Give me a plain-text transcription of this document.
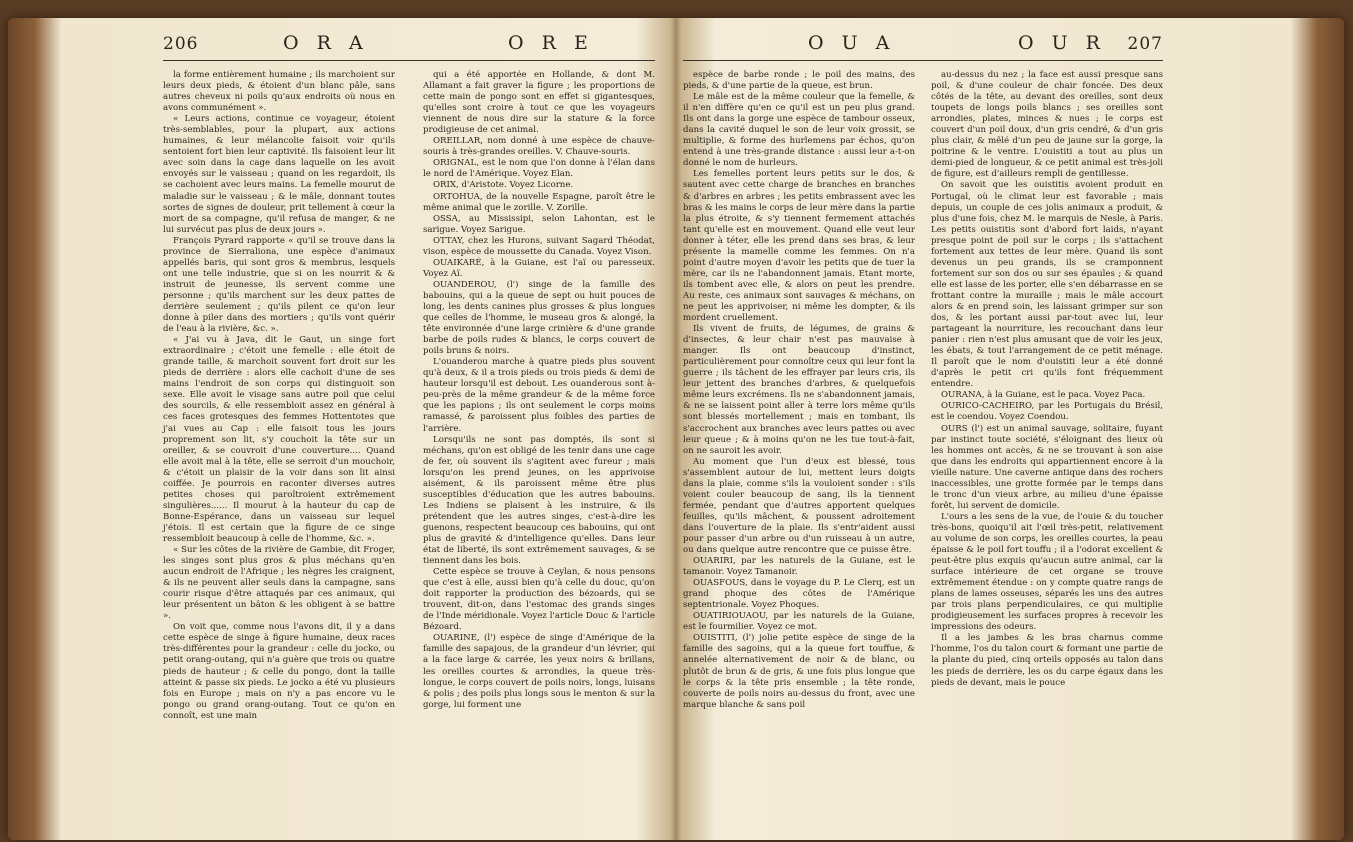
206	O R A	O R E

la forme entièrement humaine ; ils marchoient sur leurs deux pieds, & étoient d'un blanc pâle, sans autres cheveux ni poils qu'aux endroits où nous en avons communément ».

« Leurs actions, continue ce voyageur, étoient très-semblables, pour la plupart, aux actions humaines, & leur mélancolie faisoit voir qu'ils sentoient fort bien leur captivité. Ils faisoient leur lit avec soin dans la cage dans laquelle on les avoit envoyés sur le vaisseau ; quand on les regardoit, ils se cachoient avec leurs mains. La femelle mourut de maladie sur le vaisseau ; & le mâle, donnant toutes sortes de signes de douleur, prit tellement à cœur la mort de sa compagne, qu'il refusa de manger, & ne lui survécut pas plus de deux jours ».

François Pyrard rapporte « qu'il se trouve dans la province de Sierraliona, une espèce d'animaux appellés baris, qui sont gros & membrus, lesquels ont une telle industrie, que si on les nourrit & & instruit de jeunesse, ils servent comme une personne ; qu'ils marchent sur les deux pattes de derrière seulement ; qu'ils pilent ce qu'on leur donne à piler dans des mortiers ; qu'ils vont quérir de l'eau à la rivière, &c. ».

« J'ai vu à Java, dit le Gaut, un singe fort extraordinaire ; c'étoit une femelle : elle étoit de grande taille, & marchoit souvent fort droit sur les pieds de derrière : alors elle cachoit d'une de ses mains l'endroit de son corps qui distinguoit son sexe. Elle avoit le visage sans autre poil que celui des sourcils, & elle ressembloit assez en général à ces faces grotesques des femmes Hottentotes que j'ai vues au Cap : elle faisoit tous les jours proprement son lit, s'y couchoit la tête sur un oreiller, & se couvroit d'une couverture.... Quand elle avoit mal à la tête, elle se serroit d'un mouchoir, & c'étoit un plaisir de la voir dans son lit ainsi coiffée. Je pourrois en raconter diverses autres petites choses qui paroîtroient extrêmement singulières...... Il mourut à la hauteur du cap de Bonne-Espérance, dans un vaisseau sur lequel j'étois. Il est certain que la figure de ce singe ressembloit beaucoup à celle de l'homme, &c. ».

« Sur les côtes de la rivière de Gambie, dit Froger, les singes sont plus gros & plus méchans qu'en aucun endroit de l'Afrique ; les nègres les craignent, & ils ne peuvent aller seuls dans la campagne, sans courir risque d'être attaqués par ces animaux, qui leur présentent un bâton & les obligent à se battre ».

On voit que, comme nous l'avons dit, il y a dans cette espèce de singe à figure humaine, deux races très-différentes pour la grandeur : celle du jocko, ou petit orang-outang, qui n'a guère que trois ou quatre pieds de hauteur ; & celle du pongo, dont la taille atteint & passe six pieds. Le jocko a été vu plusieurs fois en Europe ; mais on n'y a pas encore vu le pongo ou grand orang-outang. Tout ce qu'on en connoît, est une main

qui a été apportée en Hollande, & dont M. Allamant a fait graver la figure ; les proportions de cette main de pongo sont en effet si gigantesques, qu'elles sont croire à tout ce que les voyageurs viennent de nous dire sur la stature & la force prodigieuse de cet animal.

OREILLAR, nom donné à une espèce de chauve-souris à très-grandes oreilles. V. Chauve-souris.

ORIGNAL, est le nom que l'on donne à l'élan dans le nord de l'Amérique. Voyez Elan.

ORIX, d'Aristote. Voyez Licorne.

ORTOHUA, de la nouvelle Espagne, paroît être le même animal que le zorille. V. Zorille.

OSSA, au Mississipi, selon Lahontan, est le sarigue. Voyez Sarigue.

OTTAY, chez les Hurons, suivant Sagard Théodat, vison, espèce de moussette du Canada. Voyez Vison.

OUAIKARÉ, à la Guiane, est l'aï ou paresseux. Voyez Aï.

OUANDEROU, (l') singe de la famille des babouins, qui a la queue de sept ou huit pouces de long, les dents canines plus grosses & plus longues que celles de l'homme, le museau gros & alongé, la tête environnée d'une large crinière & d'une grande barbe de poils rudes & blancs, le corps couvert de poils bruns & noirs.

L'ouanderou marche à quatre pieds plus souvent qu'à deux, & il a trois pieds ou trois pieds & demi de hauteur lorsqu'il est debout. Les ouanderous sont à-peu-près de la même grandeur & de la même force que les papions ; ils ont seulement le corps moins ramassé, & paroissent plus foibles des parties de l'arrière.

Lorsqu'ils ne sont pas domptés, ils sont si méchans, qu'on est obligé de les tenir dans une cage de fer, où souvent ils s'agitent avec fureur ; mais lorsqu'on les prend jeunes, on les apprivoise aisément, & ils paroissent même être plus susceptibles d'éducation que les autres babouins. Les Indiens se plaisent à les instruire, & ils prétendent que les autres singes, c'est-à-dire les guenons, respectent beaucoup ces babouins, qui ont plus de gravité & d'intelligence qu'elles. Dans leur état de liberté, ils sont extrêmement sauvages, & se tiennent dans les bois.

Cette espèce se trouve à Ceylan, & nous pensons que c'est à elle, aussi bien qu'à celle du douc, qu'on doit rapporter la production des bézoards, qui se trouvent, dit-on, dans l'estomac des grands singes de l'Inde méridionale. Voyez l'article Douc & l'article Bézoard.

OUARINE, (l') espèce de singe d'Amérique de la famille des sapajous, de la grandeur d'un lévrier, qui a la face large & carrée, les yeux noirs & brillans, les oreilles courtes & arrondies, la queue très-longue, le corps couvert de poils noirs, longs, luisans & polis ; des poils plus longs sous le menton & sur la gorge, lui forment une

O U A	O U R 207

espèce de barbe ronde ; le poil des mains, des pieds, & d'une partie de la queue, est brun.

Le mâle est de la même couleur que la femelle, & il n'en diffère qu'en ce qu'il est un peu plus grand. Ils ont dans la gorge une espèce de tambour osseux, dans la cavité duquel le son de leur voix grossit, se multiplie, & forme des hurlemens par échos, qu'on entend à une très-grande distance : aussi leur a-t-on donné le nom de hurleurs.

Les femelles portent leurs petits sur le dos, & sautent avec cette charge de branches en branches & d'arbres en arbres ; les petits embrassent avec les bras & les mains le corps de leur mère dans la partie la plus étroite, & s'y tiennent fermement attachés tant qu'elle est en mouvement. Quand elle veut leur donner à téter, elle les prend dans ses bras, & leur présente la mamelle comme les femmes. On n'a point d'autre moyen d'avoir les petits que de tuer la mère, car ils ne l'abandonnent jamais. Etant morte, ils tombent avec elle, & alors on peut les prendre. Au reste, ces animaux sont sauvages & méchans, on ne peut les apprivoiser, ni même les dompter, & ils mordent cruellement.

Ils vivent de fruits, de légumes, de grains & d'insectes, & leur chair n'est pas mauvaise à manger. Ils ont beaucoup d'instinct, particulièrement pour connoître ceux qui leur font la guerre ; ils tâchent de les effrayer par leurs cris, ils leur jettent des branches d'arbres, & quelquefois même leurs excrémens. Ils ne s'abandonnent jamais, & ne se laissent point aller à terre lors même qu'ils sont blessés mortellement ; mais en tombant, ils s'accrochent aux branches avec leurs pattes ou avec leur queue ; & à moins qu'on ne les tue tout-à-fait, on ne sauroit les avoir.

Au moment que l'un d'eux est blessé, tous s'assemblent autour de lui, mettent leurs doigts dans la plaie, comme s'ils la vouloient sonder : s'ils voient couler beaucoup de sang, ils la tiennent fermée, pendant que d'autres apportent quelques feuilles, qu'ils mâchent, & poussent adroitement dans l'ouverture de la plaie. Ils s'entr'aident aussi pour passer d'un arbre ou d'un ruisseau à un autre, ou dans quelque autre rencontre que ce puisse être.

OUARIRI, par les naturels de la Guiane, est le tamanoir. Voyez Tamanoir.

OUASFOUS, dans le voyage du P. Le Clerq, est un grand phoque des côtes de l'Amérique septentrionale. Voyez Phoques.

OUATIRIOUAOU, par les naturels de la Guiane, est le fourmilier. Voyez ce mot.

OUISTITI, (l') jolie petite espèce de singe de la famille des sagoins, qui a la queue fort touffue, & annelée alternativement de noir & de blanc, ou plutôt de brun & de gris, & une fois plus longue que le corps & la tête pris ensemble ; la tête ronde, couverte de poils noirs au-dessus du front, avec une marque blanche & sans poil

au-dessus du nez ; la face est aussi presque sans poil, & d'une couleur de chair foncée. Des deux côtés de la tête, au devant des oreilles, sont deux toupets de longs poils blancs ; ses oreilles sont arrondies, plates, minces & nues ; le corps est couvert d'un poil doux, d'un gris cendré, & d'un gris plus clair, & mêlé d'un peu de jaune sur la gorge, la poitrine & le ventre. L'ouistiti a tout au plus un demi-pied de longueur, & ce petit animal est très-joli de figure, est d'ailleurs rempli de gentillesse.

On savoit que les ouistitis avoient produit en Portugal, où le climat leur est favorable ; mais depuis, un couple de ces jolis animaux a produit, & plus d'une fois, chez M. le marquis de Nesle, à Paris. Les petits ouistitis sont d'abord fort laids, n'ayant presque point de poil sur le corps ; ils s'attachent fortement aux tettes de leur mère. Quand ils sont devenus un peu grands, ils se cramponnent fortement sur son dos ou sur ses épaules ; & quand elle est lasse de les porter, elle s'en débarrasse en se frottant contre la muraille ; mais le mâle accourt alors & en prend soin, les laissant grimper sur son dos, & les portant aussi par-tout avec lui, leur partageant la nourriture, les recouchant dans leur panier : rien n'est plus amusant que de voir les jeux, les ébats, & tout l'arrangement de ce petit ménage. Il paroît que le nom d'ouistiti leur a été donné d'après le petit cri qu'ils font fréquemment entendre.

OURANA, à la Guiane, est le paca. Voyez Paca.

OURICO-CACHEIRO, par les Portugais du Brésil, est le coendou. Voyez Coendou.

OURS (l') est un animal sauvage, solitaire, fuyant par instinct toute société, s'éloignant des lieux où les hommes ont accès, & ne se trouvant à son aise que dans les endroits qui appartiennent encore à la vieille nature. Une caverne antique dans des rochers inaccessibles, une grotte formée par le temps dans le tronc d'un vieux arbre, au milieu d'une épaisse forêt, lui servent de domicile.

L'ours a les sens de la vue, de l'ouie & du toucher très-bons, quoiqu'il ait l'œil très-petit, relativement au volume de son corps, les oreilles courtes, la peau épaisse & le poil fort touffu ; il a l'odorat excellent & peut-être plus exquis qu'aucun autre animal, car la surface intérieure de cet organe se trouve extrêmement étendue : on y compte quatre rangs de plans de lames osseuses, séparés les uns des autres par trois plans perpendiculaires, ce qui multiplie prodigieusement les surfaces propres à recevoir les impressions des odeurs.

Il a les jambes & les bras charnus comme l'homme, l'os du talon court & formant une partie de la plante du pied, cinq orteils opposés au talon dans les pieds de derrière, les os du carpe égaux dans les pieds de devant, mais le pouce
